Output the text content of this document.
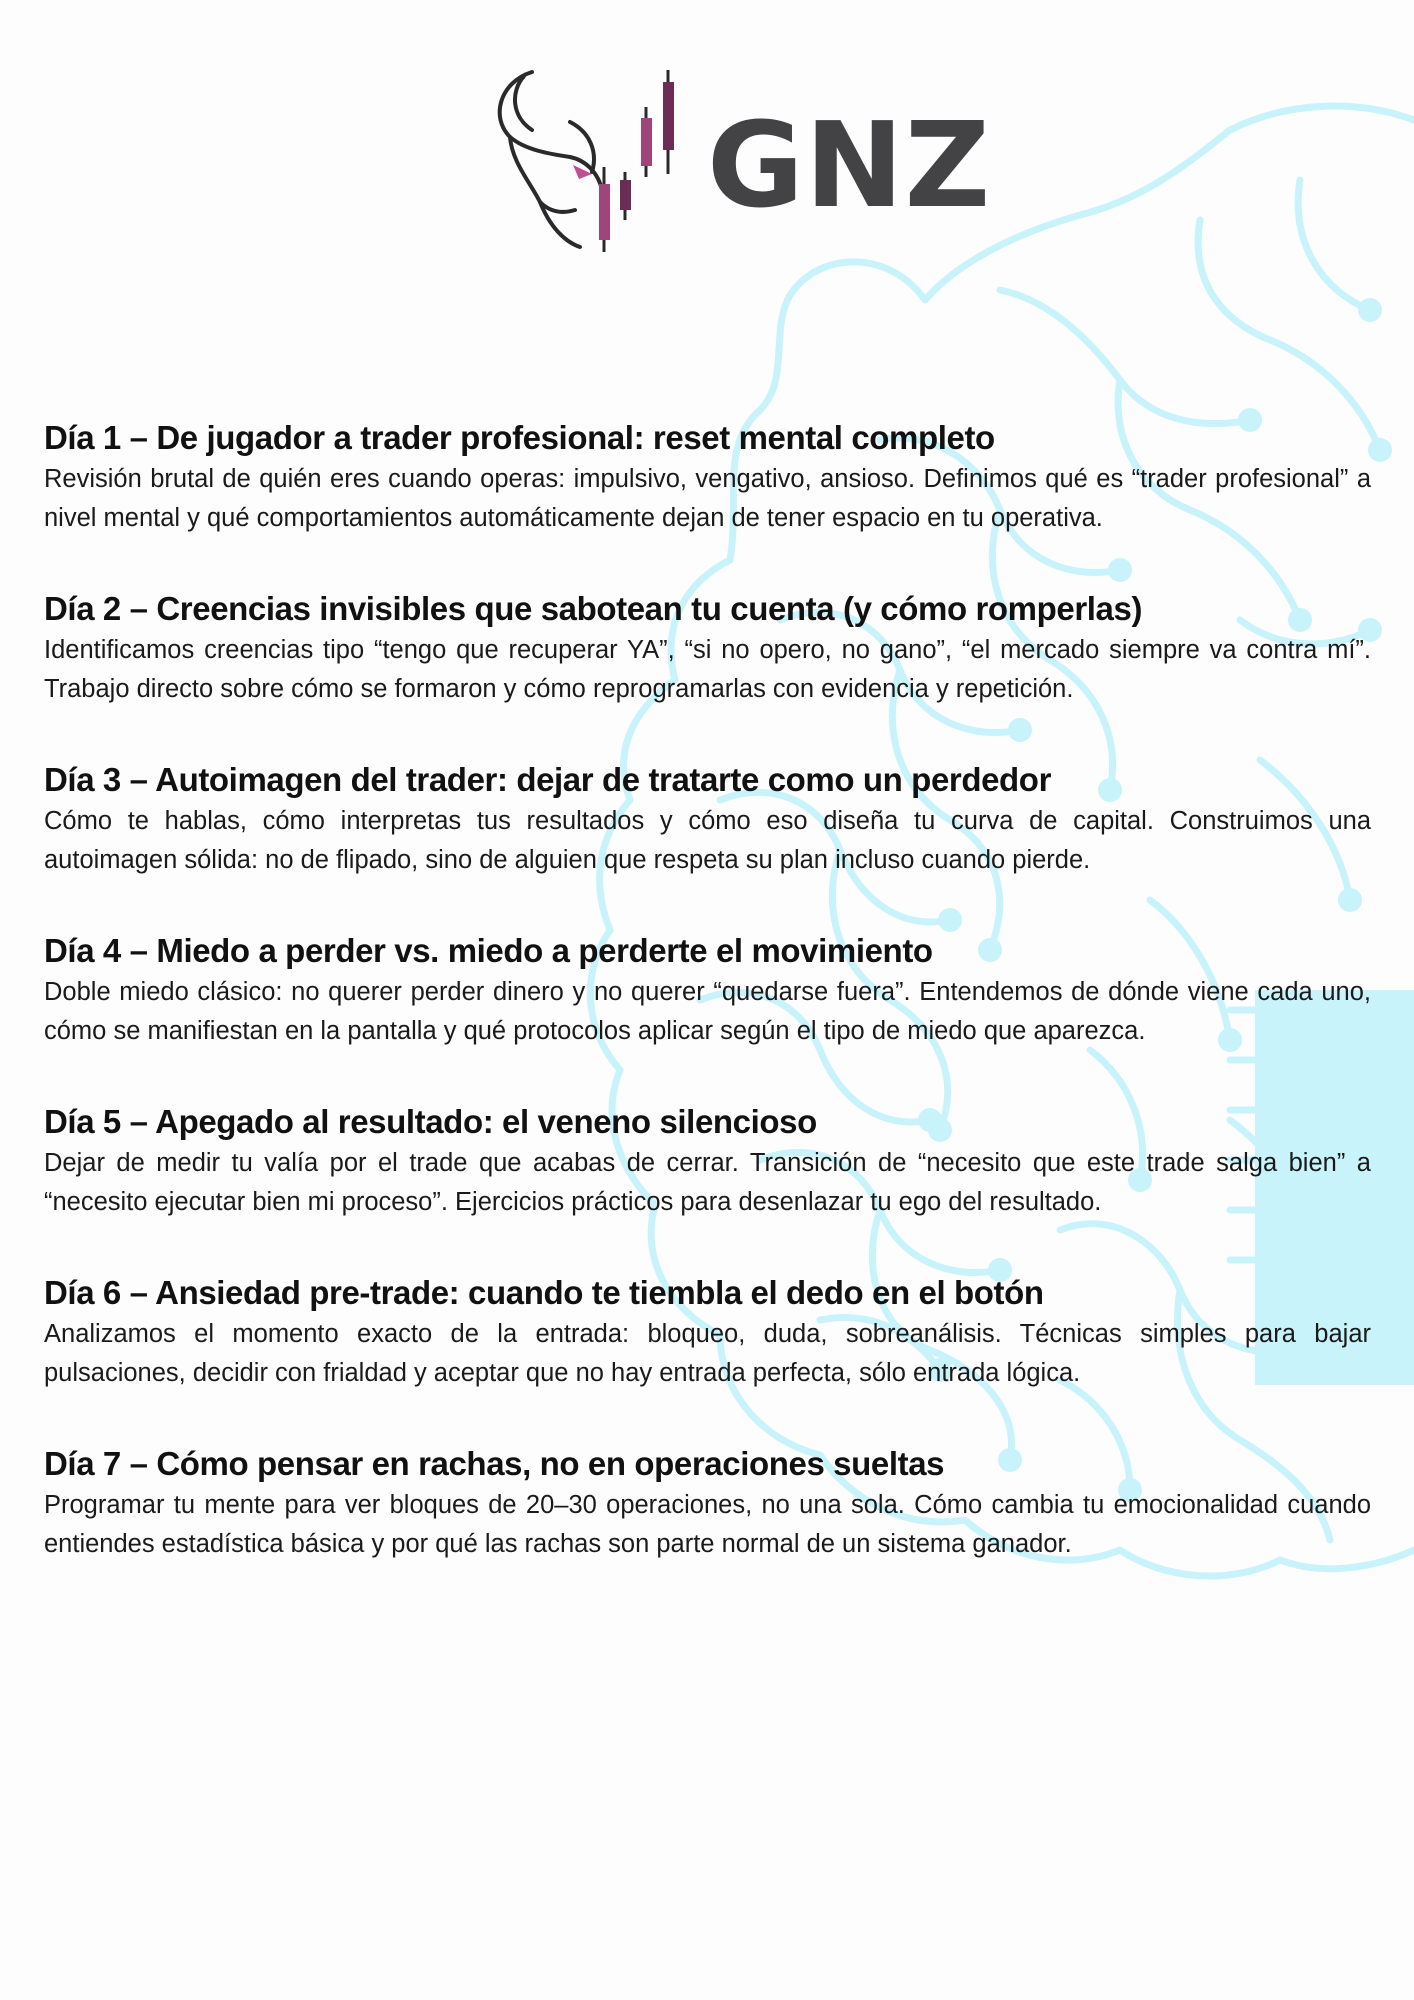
GNZ
Día 1 – De jugador a trader profesional: reset mental completo

Revisión brutal de quién eres cuando operas: impulsivo, vengativo, ansioso. Definimos qué es “trader profesional” a nivel mental y qué comportamientos automáticamente dejan de tener espacio en tu operativa.

Día 2 – Creencias invisibles que sabotean tu cuenta (y cómo romperlas)

Identificamos creencias tipo “tengo que recuperar YA”, “si no opero, no gano”, “el mercado siempre va contra mí”. Trabajo directo sobre cómo se formaron y cómo reprogramarlas con evidencia y repetición.

Día 3 – Autoimagen del trader: dejar de tratarte como un perdedor

Cómo te hablas, cómo interpretas tus resultados y cómo eso diseña tu curva de capital. Construimos una autoimagen sólida: no de flipado, sino de alguien que respeta su plan incluso cuando pierde.

Día 4 – Miedo a perder vs. miedo a perderte el movimiento

Doble miedo clásico: no querer perder dinero y no querer “quedarse fuera”. Entendemos de dónde viene cada uno, cómo se manifiestan en la pantalla y qué protocolos aplicar según el tipo de miedo que aparezca.

Día 5 – Apegado al resultado: el veneno silencioso

Dejar de medir tu valía por el trade que acabas de cerrar. Transición de “necesito que este trade salga bien” a “necesito ejecutar bien mi proceso”. Ejercicios prácticos para desenlazar tu ego del resultado.

Día 6 – Ansiedad pre-trade: cuando te tiembla el dedo en el botón

Analizamos el momento exacto de la entrada: bloqueo, duda, sobreanálisis. Técnicas simples para bajar pulsaciones, decidir con frialdad y aceptar que no hay entrada perfecta, sólo entrada lógica.

Día 7 – Cómo pensar en rachas, no en operaciones sueltas

Programar tu mente para ver bloques de 20–30 operaciones, no una sola. Cómo cambia tu emocionalidad cuando entiendes estadística básica y por qué las rachas son parte normal de un sistema ganador.
